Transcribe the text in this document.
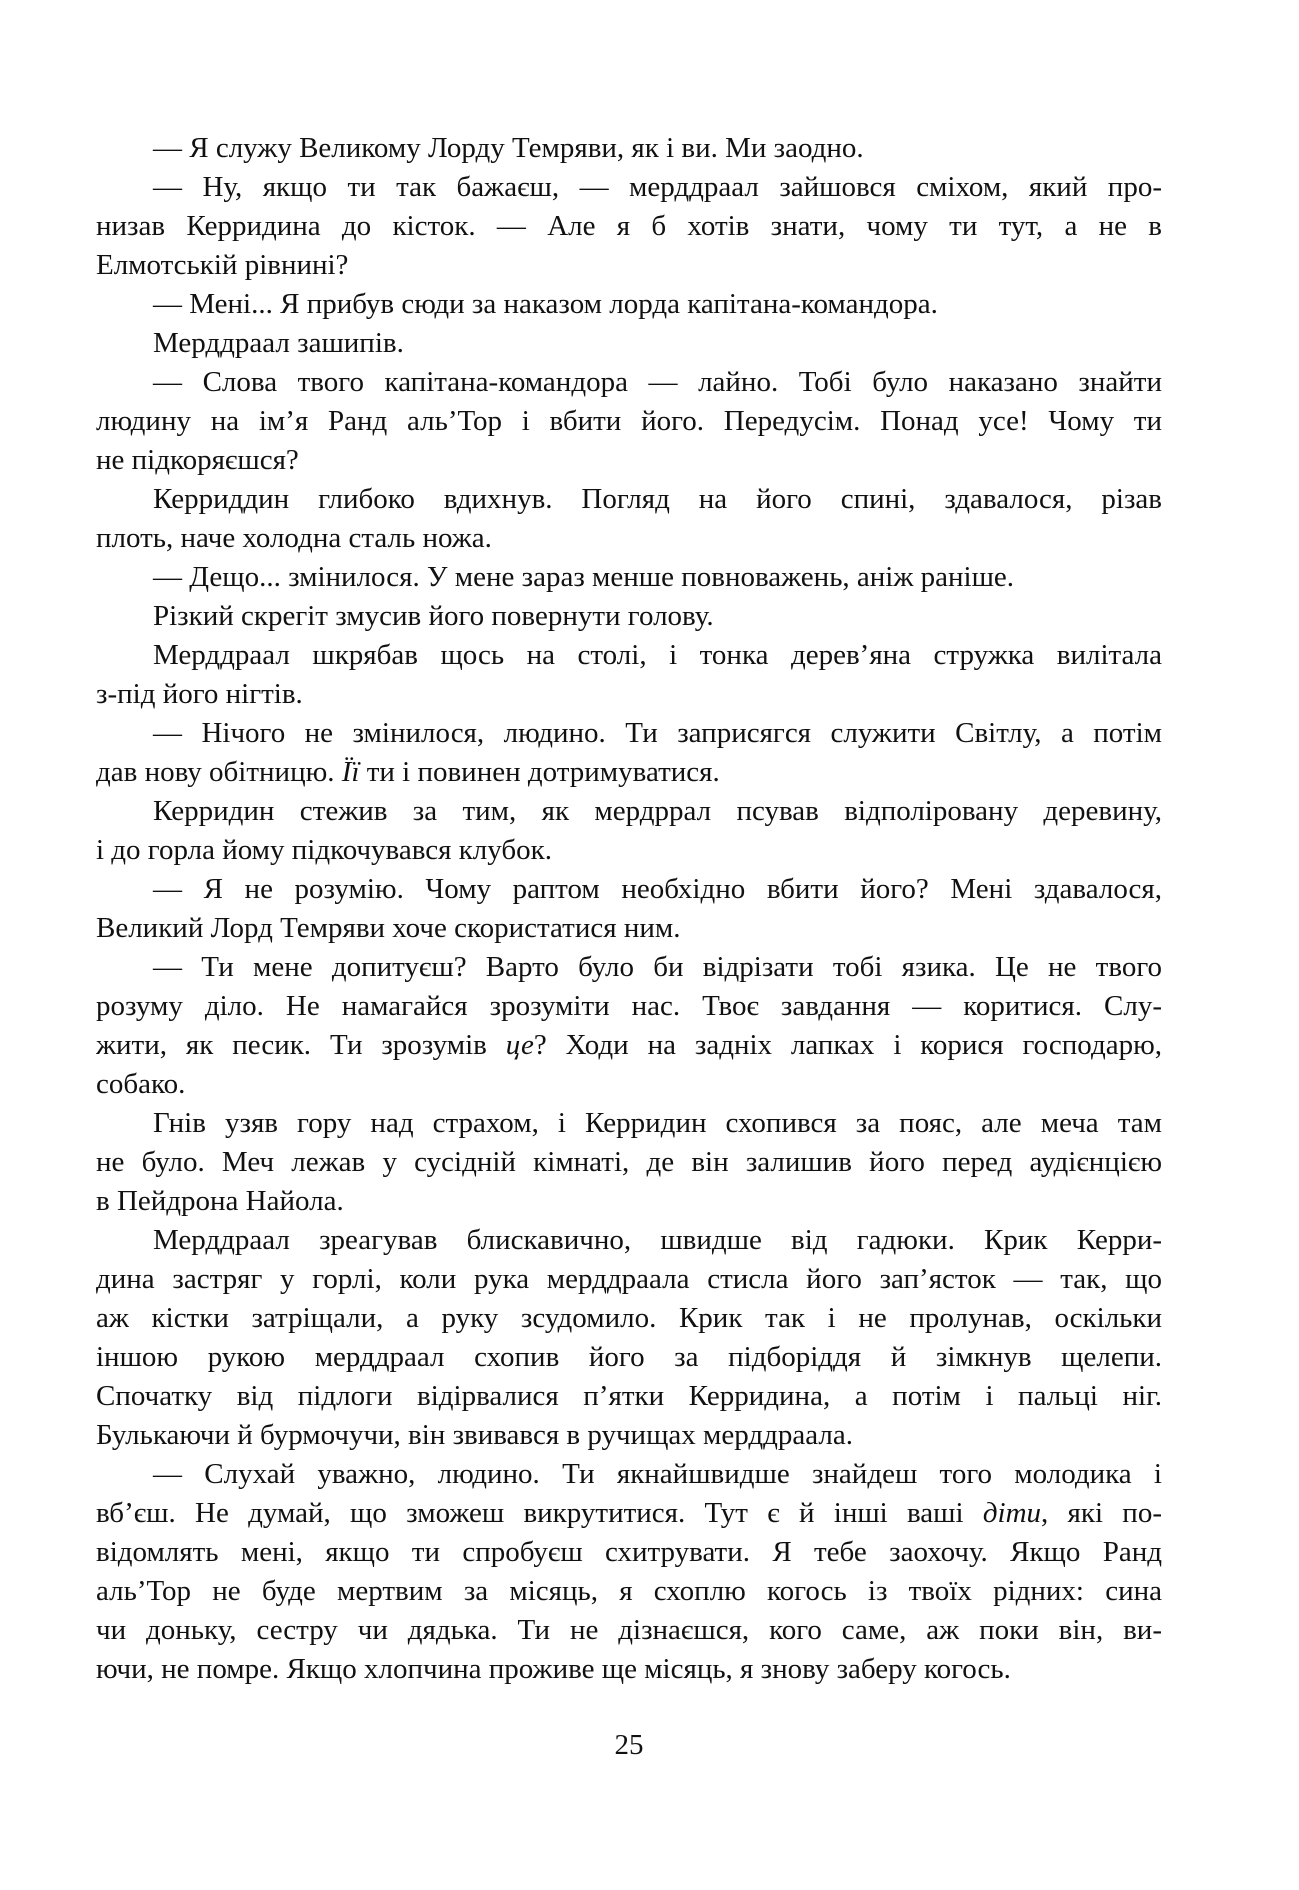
— Я служу Великому Лорду Темряви, як і ви. Ми заодно.
— Ну, якщо ти так бажаєш, — мерддраал зайшовся сміхом, який про-
низав Керридина до кісток. — Але я б хотів знати, чому ти тут, а не в
Елмотській рівнині?
— Мені... Я прибув сюди за наказом лорда капітана-командора.
Мерддраал зашипів.
— Слова твого капітана-командора — лайно. Тобі було наказано знайти
людину на ім’я Ранд аль’Тор і вбити його. Передусім. Понад усе! Чому ти
не підкоряєшся?
Керриддин глибоко вдихнув. Погляд на його спині, здавалося, різав
плоть, наче холодна сталь ножа.
— Дещо... змінилося. У мене зараз менше повноважень, аніж раніше.
Різкий скрегіт змусив його повернути голову.
Мерддраал шкрябав щось на столі, і тонка дерев’яна стружка вилітала
з-під його нігтів.
— Нічого не змінилося, людино. Ти заприсягся служити Світлу, а потім
дав нову обітницю. Її ти і повинен дотримуватися.
Керридин стежив за тим, як мердррал псував відполіровану деревину,
і до горла йому підкочувався клубок.
— Я не розумію. Чому раптом необхідно вбити його? Мені здавалося,
Великий Лорд Темряви хоче скористатися ним.
— Ти мене допитуєш? Варто було би відрізати тобі язика. Це не твого
розуму діло. Не намагайся зрозуміти нас. Твоє завдання — коритися. Слу-
жити, як песик. Ти зрозумів це? Ходи на задніх лапках і корися господарю,
собако.
Гнів узяв гору над страхом, і Керридин схопився за пояс, але меча там
не було. Меч лежав у сусідній кімнаті, де він залишив його перед аудієнцією
в Пейдрона Найола.
Мерддраал зреагував блискавично, швидше від гадюки. Крик Керри-
дина застряг у горлі, коли рука мерддраала стисла його зап’ясток — так, що
аж кістки затріщали, а руку зсудомило. Крик так і не пролунав, оскільки
іншою рукою мерддраал схопив його за підборіддя й зімкнув щелепи.
Спочатку від підлоги відірвалися п’ятки Керридина, а потім і пальці ніг.
Булькаючи й бурмочучи, він звивався в ручищах мерддраала.
— Слухай уважно, людино. Ти якнайшвидше знайдеш того молодика і
вб’єш. Не думай, що зможеш викрутитися. Тут є й інші ваші діти, які по-
відомлять мені, якщо ти спробуєш схитрувати. Я тебе заохочу. Якщо Ранд
аль’Тор не буде мертвим за місяць, я схоплю когось із твоїх рідних: сина
чи доньку, сестру чи дядька. Ти не дізнаєшся, кого саме, аж поки він, ви-
ючи, не помре. Якщо хлопчина проживе ще місяць, я знову заберу когось.
25
